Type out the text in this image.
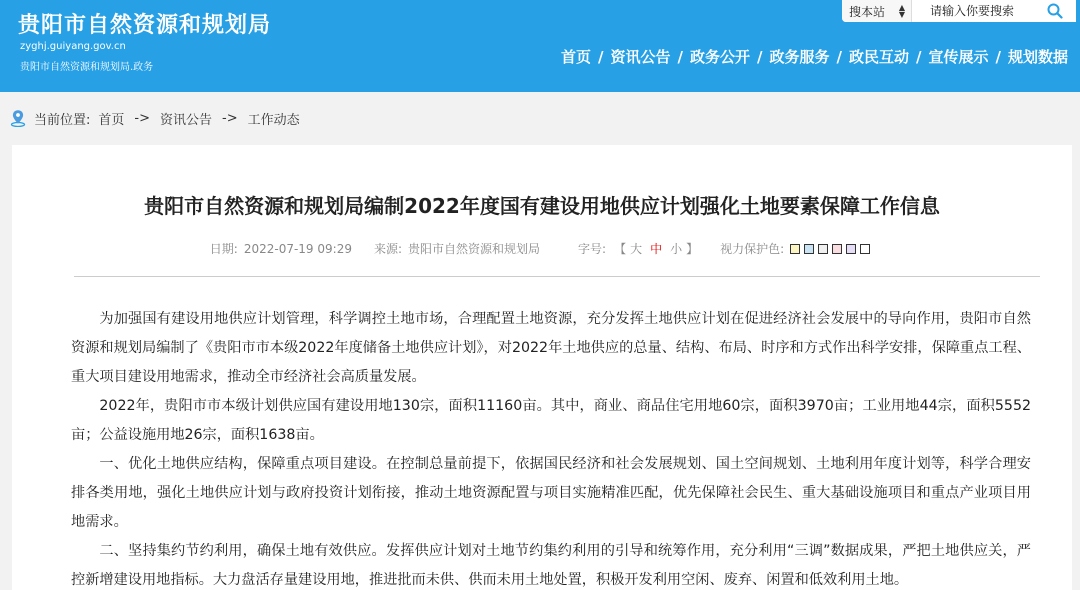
贵阳市自然资源和规划局
zyghj.guiyang.gov.cn
贵阳市自然资源和规划局.政务
搜本站 ▲
▼
请输入你要搜索
首页 / 资讯公告 / 政务公开 / 政务服务 / 政民互动 / 宣传展示 / 规划数据
当前位置: 首页 -> 资讯公告 -> 工作动态
贵阳市自然资源和规划局编制2022年度国有建设用地供应计划强化土地要素保障工作信息
日期: 2022-07-19 09:29 来源: 贵阳市自然资源和规划局	字号: 【 大 中 小 】 视力保护色:

为加强国有建设用地供应计划管理，科学调控土地市场，合理配置土地资源，充分发挥土地供应计划在促进经济社会发展中的导向作用，贵阳市自然资源和规划局编制了《贵阳市市本级2022年度储备土地供应计划》，对2022年土地供应的总量、结构、布局、时序和方式作出科学安排，保障重点工程、重大项目建设用地需求，推动全市经济社会高质量发展。

2022年，贵阳市市本级计划供应国有建设用地130宗，面积11160亩。其中，商业、商品住宅用地60宗，面积3970亩；工业用地44宗，面积5552亩；公益设施用地26宗，面积1638亩。

一、优化土地供应结构，保障重点项目建设。在控制总量前提下，依据国民经济和社会发展规划、国土空间规划、土地利用年度计划等，科学合理安排各类用地，强化土地供应计划与政府投资计划衔接，推动土地资源配置与项目实施精准匹配，优先保障社会民生、重大基础设施项目和重点产业项目用地需求。

二、坚持集约节约利用，确保土地有效供应。发挥供应计划对土地节约集约利用的引导和统筹作用，充分利用“三调”数据成果，严把土地供应关，严控新增建设用地指标。大力盘活存量建设用地，推进批而未供、供而未用土地处置，积极开发利用空闲、废弃、闲置和低效利用土地。
